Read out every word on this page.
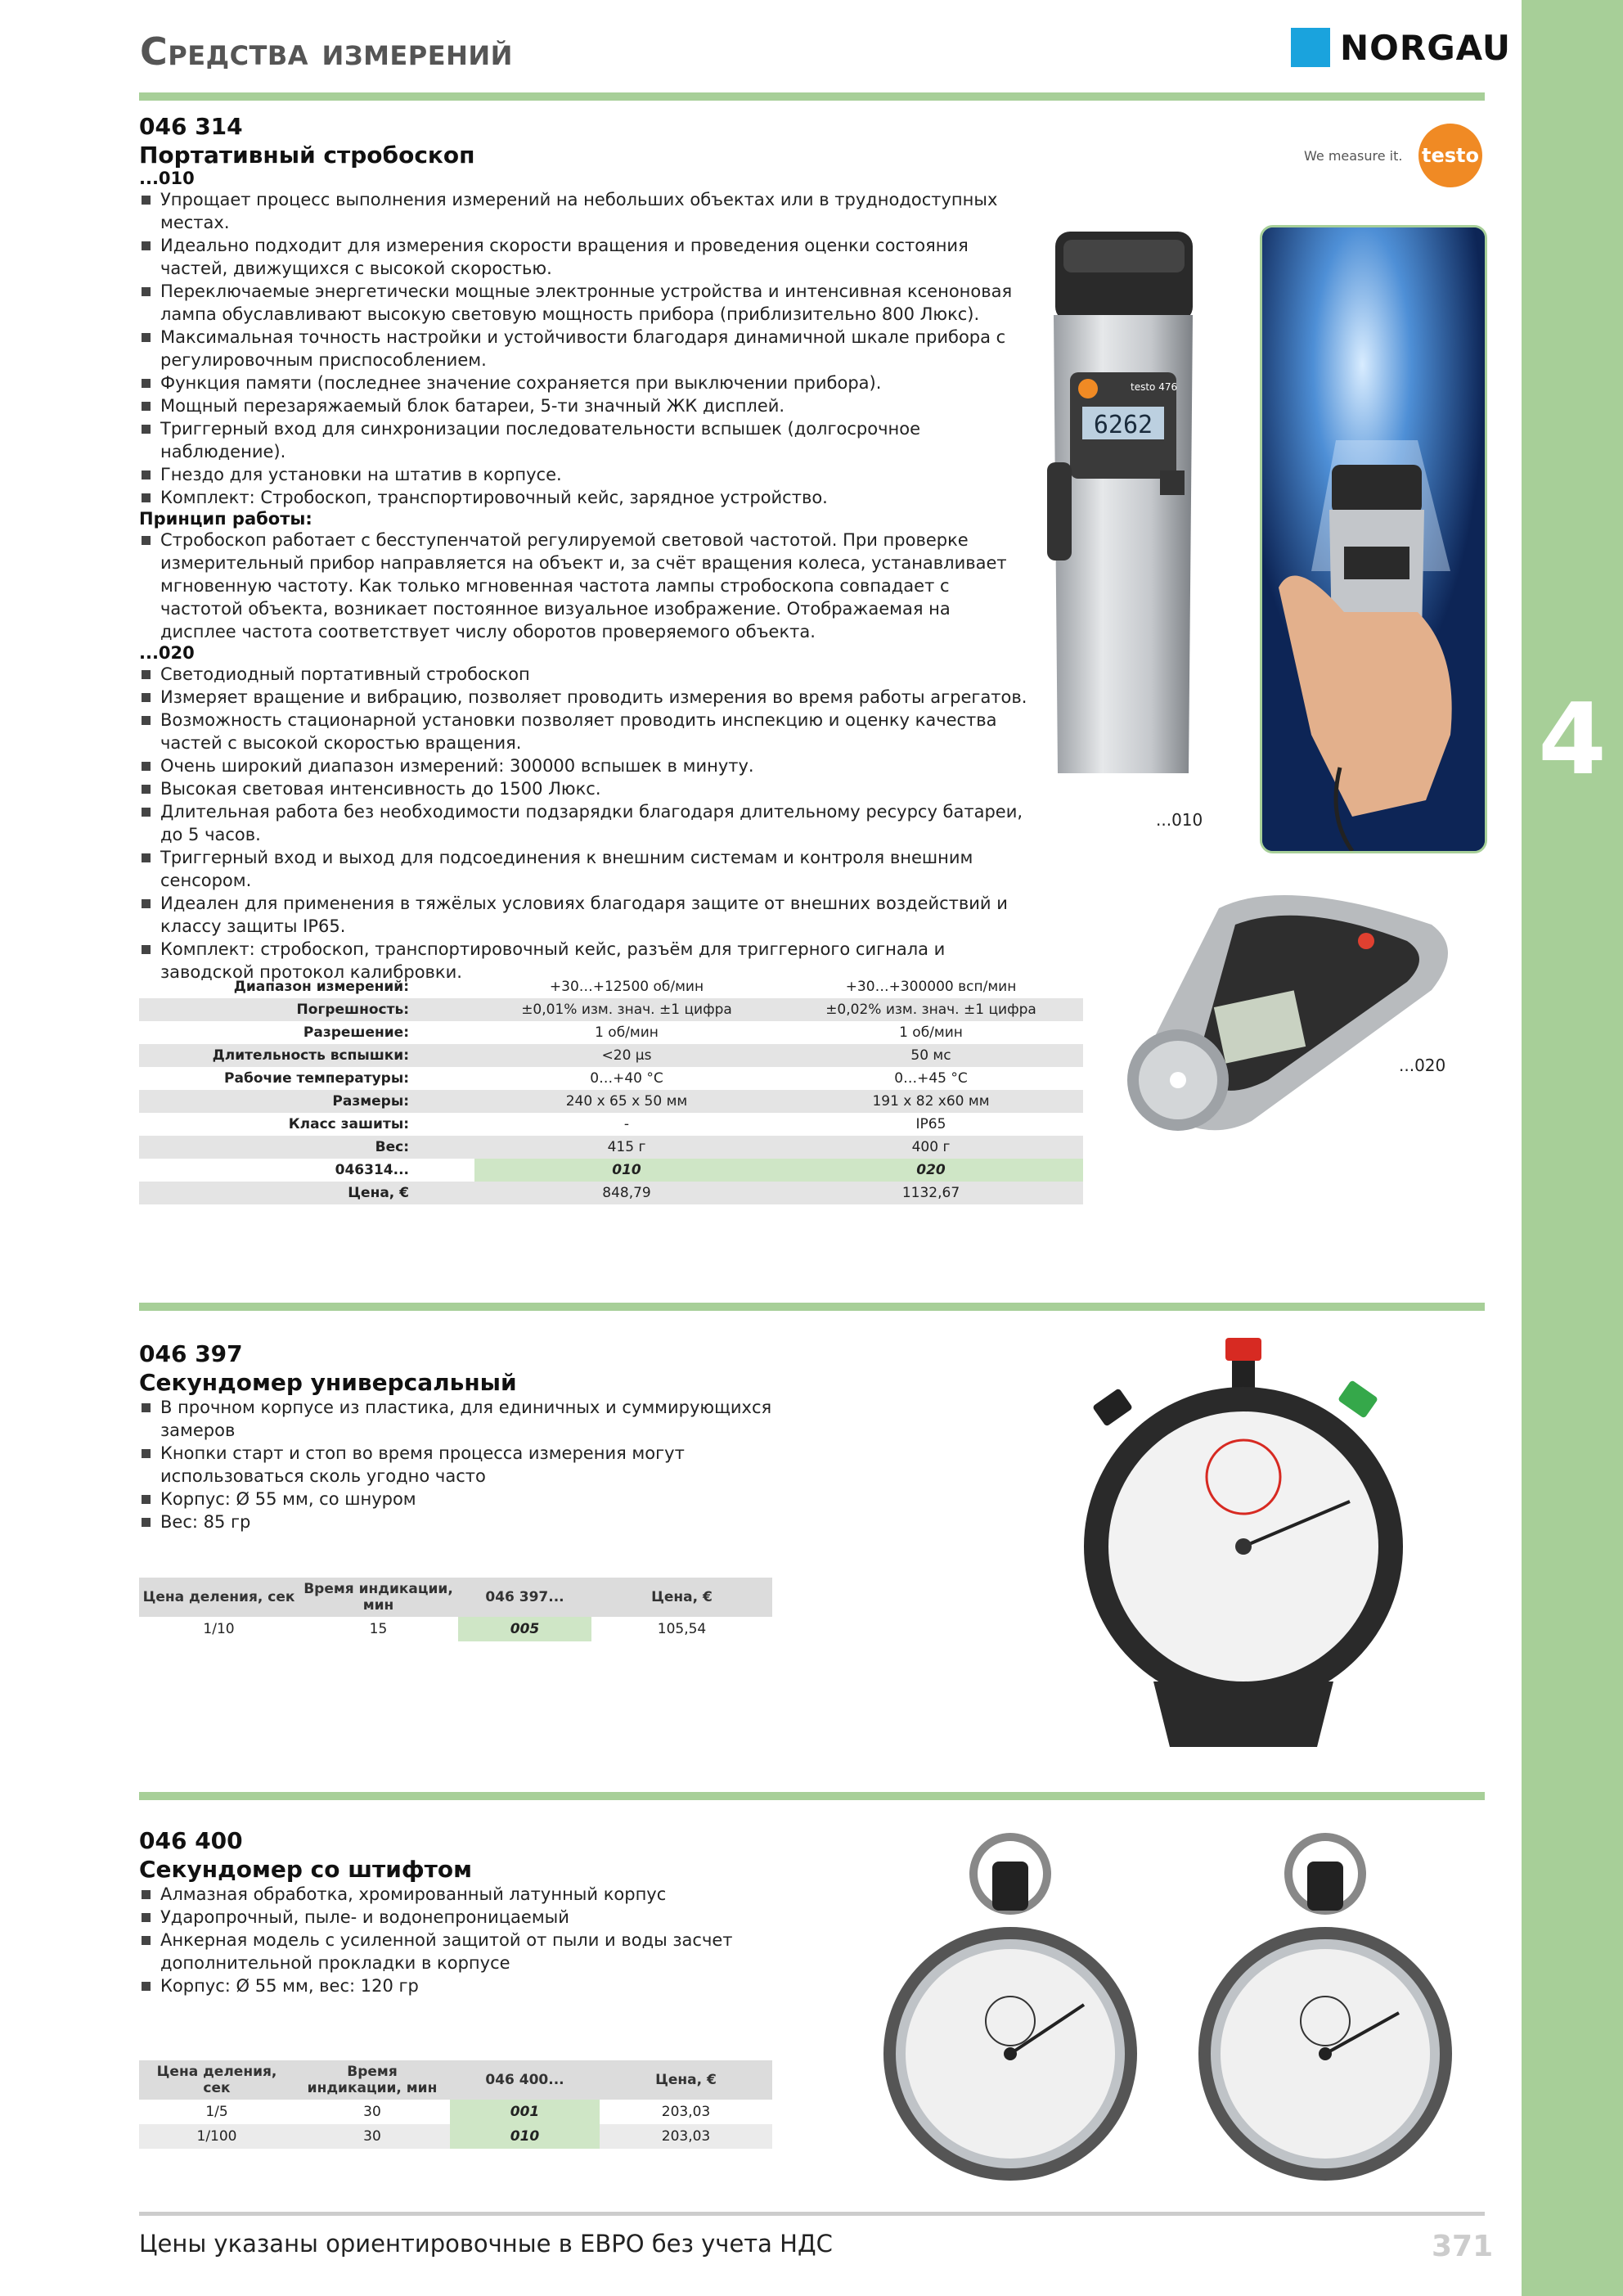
4
Средства измерений	NORGAU
We measure it. testo
046 314
Портативный стробоскоп
...010
Упрощает процесс выполнения измерений на небольших объектах или в труднодоступных местах.
Идеально подходит для измерения скорости вращения и проведения оценки состояния частей, движущихся с высокой скоростью.
Переключаемые энергетически мощные электронные устройства и интенсивная ксеноновая лампа обуславливают высокую световую мощность прибора (приблизительно 800 Люкс).
Максимальная точность настройки и устойчивости благодаря динамичной шкале прибора с регулировочным приспособлением.
Функция памяти (последнее значение сохраняется при выключении прибора).
Мощный перезаряжаемый блок батареи, 5-ти значный ЖК дисплей.
Триггерный вход для синхронизации последовательности вспышек (долгосрочное наблюдение).
Гнездо для установки на штатив в корпусе.
Комплект: Стробоскоп, транспортировочный кейс, зарядное устройство.
Принцип работы:
Стробоскоп работает с бесступенчатой регулируемой световой частотой. При проверке измерительный прибор направляется на объект и, за счёт вращения колеса, устанавливает мгновенную частоту. Как только мгновенная частота лампы стробоскопа совпадает с частотой объекта, возникает постоянное визуальное изображение. Отображаемая на дисплее частота соответствует числу оборотов проверяемого объекта.
...020
Светодиодный портативный стробоскоп
Измеряет вращение и вибрацию, позволяет проводить измерения во время работы агрегатов.
Возможность стационарной установки позволяет проводить инспекцию и оценку качества частей с высокой скоростью вращения.
Очень широкий диапазон измерений: 300000 вспышек в минуту.
Высокая световая интенсивность до 1500 Люкс.
Длительная работа без необходимости подзарядки благодаря длительному ресурсу батареи, до 5 часов.
Триггерный вход и выход для подсоединения к внешним системам и контроля внешним сенсором.
Идеален для применения в тяжёлых условиях благодаря защите от внешних воздействий и классу защиты IP65.
Комплект: стробоскоп, транспортировочный кейс, разъём для триггерного сигнала и заводской протокол калибровки.
testo 476
6262
...010
...020
Диапазон измерений:	+30…+12500 об/мин	+30…+300000 всп/мин
Погрешность:	±0,01% изм. знач. ±1 цифра	±0,02% изм. знач. ±1 цифра
Разрешение:	1 об/мин	1 об/мин
Длительность вспышки:	<20 µs	50 мс
Рабочие температуры:	0…+40 °C	0…+45 °C
Размеры:	240 x 65 x 50 мм	191 x 82 x60 мм
Класс зашиты:	-	IP65
Вес:	415 г	400 г
046314...	010	020
Цена, €	848,79	1132,67
046 397
Секундомер универсальный
В прочном корпусе из пластика, для единичных и суммирующихся замеров
Кнопки старт и стоп во время процесса измерения могут использоваться сколь угодно часто
Корпус: Ø 55 мм, со шнуром
Вес: 85 гр
Цена деления, сек	Время индикации, мин	046 397...	Цена, €
1/10	15	005	105,54
046 400
Секундомер со штифтом
Алмазная обработка, хромированный латунный корпус
Ударопрочный, пыле- и водонепроницаемый
Анкерная модель с усиленной защитой от пыли и воды засчет дополнительной прокладки в корпусе
Корпус: Ø 55 мм, вес: 120 гр
Цена деления, сек	Время индикации, мин	046 400...	Цена, €
1/5	30	001	203,03
1/100	30	010	203,03
Цены указаны ориентировочные в ЕВРО без учета НДС	371
